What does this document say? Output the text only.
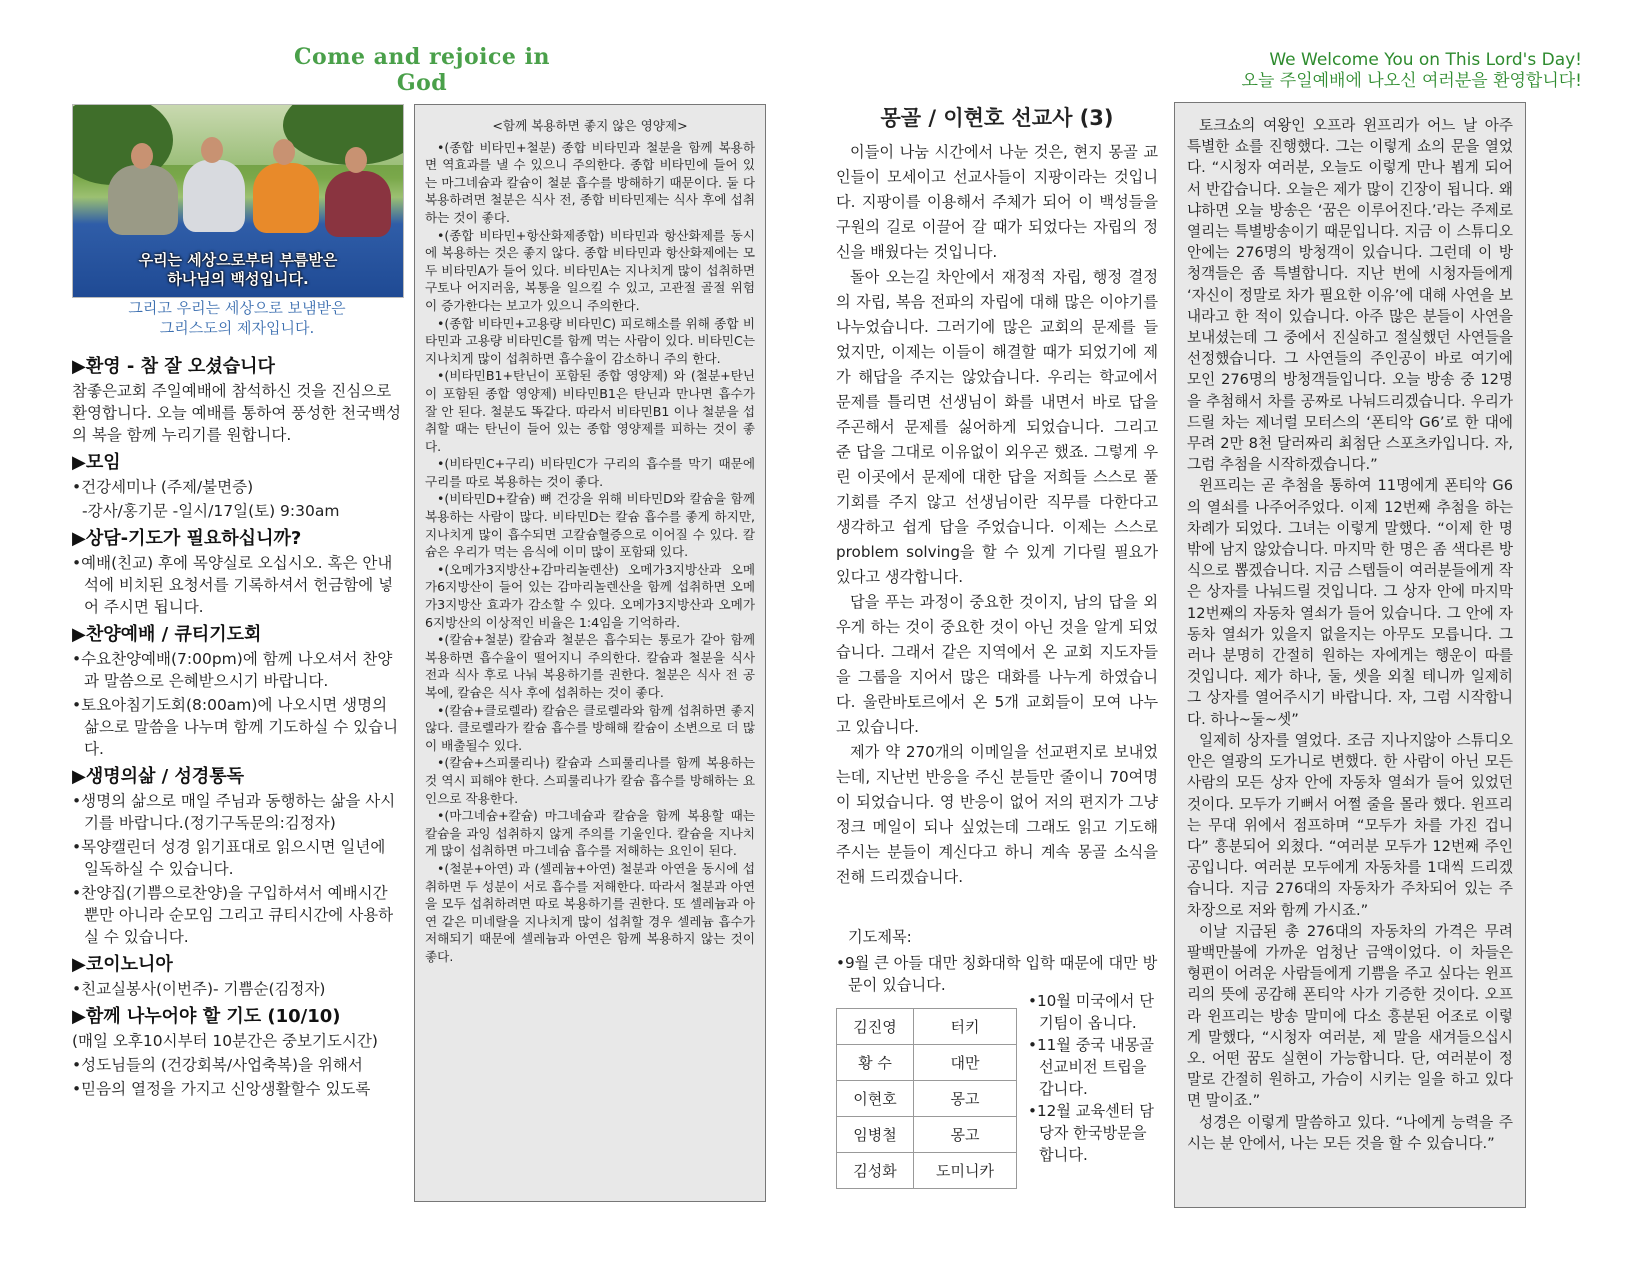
Come and rejoice in God
We Welcome You on This Lord's Day!
오늘 주일예배에 나오신 여러분을 환영합니다!
우리는 세상으로부터 부름받은
하나님의 백성입니다.
그리고 우리는 세상으로 보냄받은
그리스도의 제자입니다.
▶환영 - 참 잘 오셨습니다

참좋은교회 주일예배에 참석하신 것을 진심으로 환영합니다. 오늘 예배를 통하여 풍성한 천국백성의 복을 함께 누리기를 원합니다.

▶모임

•건강세미나 (주제/불면증)

-강사/홍기문 -일시/17일(토) 9:30am

▶상담-기도가 필요하십니까?

•예배(친교) 후에 목양실로 오십시오. 혹은 안내석에 비치된 요청서를 기록하셔서 헌금함에 넣어 주시면 됩니다.

▶찬양예배 / 큐티기도회

•수요찬양예배(7:00pm)에 함께 나오셔서 찬양과 말씀으로 은혜받으시기 바랍니다.

•토요아침기도회(8:00am)에 나오시면 생명의 삶으로 말씀을 나누며 함께 기도하실 수 있습니다.

▶생명의삶 / 성경통독

•생명의 삶으로 매일 주님과 동행하는 삶을 사시기를 바랍니다.(정기구독문의:김정자)

•목양캘린더 성경 읽기표대로 읽으시면 일년에 일독하실 수 있습니다.

•찬양집(기쁨으로찬양)을 구입하셔서 예배시간뿐만 아니라 순모임 그리고 큐티시간에 사용하실 수 있습니다.

▶코이노니아

•친교실봉사(이번주)- 기쁨순(김정자)

▶함께 나누어야 할 기도 (10/10)

(매일 오후10시부터 10분간은 중보기도시간)

•성도님들의 (건강회복/사업축복)을 위해서

•믿음의 열정을 가지고 신앙생활할수 있도록

<함께 복용하면 좋지 않은 영양제>

•(종합 비타민+철분) 종합 비타민과 철분을 함께 복용하면 역효과를 낼 수 있으니 주의한다. 종합 비타민에 들어 있는 마그네슘과 칼슘이 철분 흡수를 방해하기 때문이다. 둘 다 복용하려면 철분은 식사 전, 종합 비타민제는 식사 후에 섭취하는 것이 좋다.

•(종합 비타민+항산화제종합) 비타민과 항산화제를 동시에 복용하는 것은 좋지 않다. 종합 비타민과 항산화제에는 모두 비타민A가 들어 있다. 비타민A는 지나치게 많이 섭취하면 구토나 어지러움, 복통을 일으킬 수 있고, 고관절 골절 위험이 증가한다는 보고가 있으니 주의한다.

•(종합 비타민+고용량 비타민C) 피로해소를 위해 종합 비타민과 고용량 비타민C를 함께 먹는 사람이 있다. 비타민C는 지나치게 많이 섭취하면 흡수율이 감소하니 주의 한다.

•(비타민B1+탄닌이 포함된 종합 영양제) 와 (철분+탄닌이 포함된 종합 영양제) 비타민B1은 탄닌과 만나면 흡수가 잘 안 된다. 철분도 똑같다. 따라서 비타민B1 이나 철분을 섭취할 때는 탄닌이 들어 있는 종합 영양제를 피하는 것이 좋다.

•(비타민C+구리) 비타민C가 구리의 흡수를 막기 때문에 구리를 따로 복용하는 것이 좋다.

•(비타민D+칼슘) 뼈 건강을 위해 비타민D와 칼슘을 함께 복용하는 사람이 많다. 비타민D는 칼슘 흡수를 좋게 하지만, 지나치게 많이 흡수되면 고칼슘혈증으로 이어질 수 있다. 칼슘은 우리가 먹는 음식에 이미 많이 포함돼 있다.

•(오메가3지방산+감마리놀렌산) 오메가3지방산과 오메가6지방산이 들어 있는 감마리놀렌산을 함께 섭취하면 오메가3지방산 효과가 감소할 수 있다. 오메가3지방산과 오메가6지방산의 이상적인 비율은 1:4임을 기억하라.

•(칼슘+철분) 칼슘과 철분은 흡수되는 통로가 같아 함께 복용하면 흡수율이 떨어지니 주의한다. 칼슘과 철분을 식사 전과 식사 후로 나눠 복용하기를 권한다. 철분은 식사 전 공복에, 칼슘은 식사 후에 섭취하는 것이 좋다.

•(칼슘+클로렐라) 칼슘은 클로렐라와 함께 섭취하면 좋지않다. 클로렐라가 칼슘 흡수를 방해해 칼슘이 소변으로 더 많이 배출될수 있다.

•(칼슘+스피룰리나) 칼슘과 스피룰리나를 함께 복용하는 것 역시 피해야 한다. 스피룰리나가 칼슘 흡수를 방해하는 요인으로 작용한다.

•(마그네슘+칼슘) 마그네슘과 칼슘을 함께 복용할 때는 칼슘을 과잉 섭취하지 않게 주의를 기울인다. 칼슘을 지나치게 많이 섭취하면 마그네슘 흡수를 저해하는 요인이 된다.

•(철분+아연) 과 (셀레늄+아연) 철분과 아연을 동시에 섭취하면 두 성분이 서로 흡수를 저해한다. 따라서 철분과 아연을 모두 섭취하려면 따로 복용하기를 권한다. 또 셀레늄과 아연 같은 미네랄을 지나치게 많이 섭취할 경우 셀레늄 흡수가 저해되기 때문에 셀레늄과 아연은 함께 복용하지 않는 것이 좋다.

몽골 / 이현호 선교사 (3)

이들이 나눔 시간에서 나눈 것은, 현지 몽골 교인들이 모세이고 선교사들이 지팡이라는 것입니다. 지팡이를 이용해서 주체가 되어 이 백성들을 구원의 길로 이끌어 갈 때가 되었다는 자립의 정신을 배웠다는 것입니다.

돌아 오는길 차안에서 재정적 자립, 행정 결정의 자립, 복음 전파의 자립에 대해 많은 이야기를 나누었습니다. 그러기에 많은 교회의 문제를 들었지만, 이제는 이들이 해결할 때가 되었기에 제가 해답을 주지는 않았습니다. 우리는 학교에서 문제를 틀리면 선생님이 화를 내면서 바로 답을 주곤해서 문제를 싫어하게 되었습니다. 그리고 준 답을 그대로 이유없이 외우곤 했죠. 그렇게 우린 이곳에서 문제에 대한 답을 저희들 스스로 풀 기회를 주지 않고 선생님이란 직무를 다한다고 생각하고 쉽게 답을 주었습니다. 이제는 스스로 problem solving을 할 수 있게 기다릴 필요가 있다고 생각합니다.

답을 푸는 과정이 중요한 것이지, 남의 답을 외우게 하는 것이 중요한 것이 아닌 것을 알게 되었습니다. 그래서 같은 지역에서 온 교회 지도자들을 그룹을 지어서 많은 대화를 나누게 하였습니다. 울란바토르에서 온 5개 교회들이 모여 나누고 있습니다.

제가 약 270개의 이메일을 선교편지로 보내었는데, 지난번 반응을 주신 분들만 줄이니 70여명이 되었습니다. 영 반응이 없어 저의 편지가 그냥 정크 메일이 되나 싶었는데 그래도 읽고 기도해 주시는 분들이 계신다고 하니 계속 몽골 소식을 전해 드리겠습니다.

기도제목:
•9월 큰 아들 대만 칭화대학 입학 때문에 대만 방문이 있습니다.
김진영	터키
황 수	대만
이현호	몽고
임병철	몽고
김성화	도미니카

•10월 미국에서 단기팀이 옵니다.

•11월 중국 내몽골 선교비전 트립을 갑니다.

•12월 교육센터 담당자 한국방문을 합니다.

토크쇼의 여왕인 오프라 윈프리가 어느 날 아주 특별한 쇼를 진행했다. 그는 이렇게 쇼의 문을 열었다. “시청자 여러분, 오늘도 이렇게 만나 뵙게 되어서 반갑습니다. 오늘은 제가 많이 긴장이 됩니다. 왜냐하면 오늘 방송은 ‘꿈은 이루어진다.’라는 주제로 열리는 특별방송이기 때문입니다. 지금 이 스튜디오 안에는 276명의 방청객이 있습니다. 그런데 이 방청객들은 좀 특별합니다. 지난 번에 시청자들에게 ‘자신이 정말로 차가 필요한 이유’에 대해 사연을 보내라고 한 적이 있습니다. 아주 많은 분들이 사연을 보내셨는데 그 중에서 진실하고 절실했던 사연들을 선정했습니다. 그 사연들의 주인공이 바로 여기에 모인 276명의 방청객들입니다. 오늘 방송 중 12명을 추첨해서 차를 공짜로 나눠드리겠습니다. 우리가 드릴 차는 제너럴 모터스의 ‘폰티악 G6’로 한 대에 무려 2만 8천 달러짜리 최첨단 스포츠카입니다. 자, 그럼 추첨을 시작하겠습니다.”

윈프리는 곧 추첨을 통하여 11명에게 폰티악 G6의 열쇠를 나주어주었다. 이제 12번째 추첨을 하는 차례가 되었다. 그녀는 이렇게 말했다. “이제 한 명 밖에 남지 않았습니다. 마지막 한 명은 좀 색다른 방식으로 뽑겠습니다. 지금 스텝들이 여러분들에게 작은 상자를 나눠드릴 것입니다. 그 상자 안에 마지막 12번째의 자동차 열쇠가 들어 있습니다. 그 안에 자동차 열쇠가 있을지 없을지는 아무도 모릅니다. 그러나 분명히 간절히 원하는 자에게는 행운이 따를 것입니다. 제가 하나, 둘, 셋을 외칠 테니까 일제히 그 상자를 열어주시기 바랍니다. 자, 그럼 시작합니다. 하나~둘~셋”

일제히 상자를 열었다. 조금 지나지않아 스튜디오 안은 열광의 도가니로 변했다. 한 사람이 아닌 모든 사람의 모든 상자 안에 자동차 열쇠가 들어 있었던 것이다. 모두가 기뻐서 어쩔 줄을 몰라 했다. 윈프리는 무대 위에서 점프하며 “모두가 차를 가진 겁니다” 흥분되어 외쳤다. “여러분 모두가 12번째 주인공입니다. 여러분 모두에게 자동차를 1대씩 드리겠습니다. 지금 276대의 자동차가 주차되어 있는 주차장으로 저와 함께 가시죠.”

이날 지급된 총 276대의 자동차의 가격은 무려 팔백만불에 가까운 엄청난 금액이었다. 이 차들은 형편이 어려운 사람들에게 기쁨을 주고 싶다는 윈프리의 뜻에 공감해 폰티악 사가 기증한 것이다. 오프라 윈프리는 방송 말미에 다소 흥분된 어조로 이렇게 말했다, “시청자 여러분, 제 말을 새겨들으십시오. 어떤 꿈도 실현이 가능합니다. 단, 여러분이 정말로 간절히 원하고, 가슴이 시키는 일을 하고 있다면 말이죠.”

성경은 이렇게 말씀하고 있다. “나에게 능력을 주시는 분 안에서, 나는 모든 것을 할 수 있습니다.”
